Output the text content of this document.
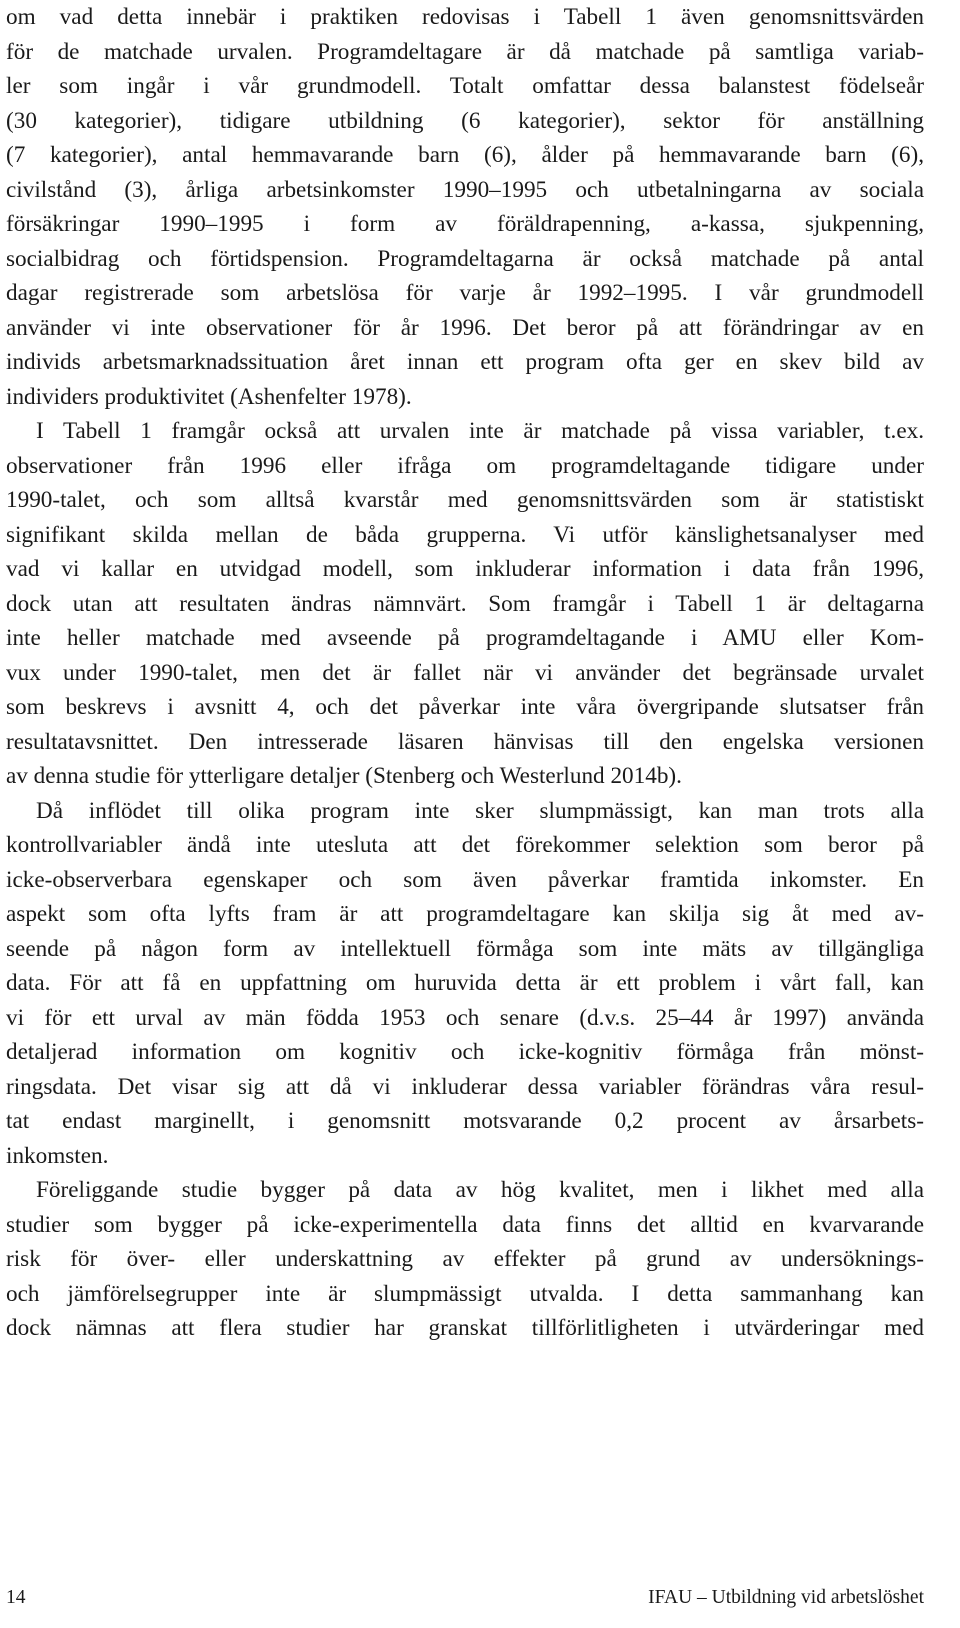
om vad detta innebär i praktiken redovisas i Tabell 1 även genomsnittsvärden
för de matchade urvalen. Programdeltagare är då matchade på samtliga variab-
ler som ingår i vår grundmodell. Totalt omfattar dessa balanstest födelseår
(30 kategorier), tidigare utbildning (6 kategorier), sektor för anställning
(7 kategorier), antal hemmavarande barn (6), ålder på hemmavarande barn (6),
civilstånd (3), årliga arbetsinkomster 1990–1995 och utbetalningarna av sociala
försäkringar 1990–1995 i form av föräldrapenning, a-kassa, sjukpenning,
socialbidrag och förtidspension. Programdeltagarna är också matchade på antal
dagar registrerade som arbetslösa för varje år 1992–1995. I vår grundmodell
använder vi inte observationer för år 1996. Det beror på att förändringar av en
individs arbetsmarknadssituation året innan ett program ofta ger en skev bild av
individers produktivitet (Ashenfelter 1978).
I Tabell 1 framgår också att urvalen inte är matchade på vissa variabler, t.ex.
observationer från 1996 eller ifråga om programdeltagande tidigare under
1990-talet, och som alltså kvarstår med genomsnittsvärden som är statistiskt
signifikant skilda mellan de båda grupperna. Vi utför känslighetsanalyser med
vad vi kallar en utvidgad modell, som inkluderar information i data från 1996,
dock utan att resultaten ändras nämnvärt. Som framgår i Tabell 1 är deltagarna
inte heller matchade med avseende på programdeltagande i AMU eller Kom-
vux under 1990-talet, men det är fallet när vi använder det begränsade urvalet
som beskrevs i avsnitt 4, och det påverkar inte våra övergripande slutsatser från
resultatavsnittet. Den intresserade läsaren hänvisas till den engelska versionen
av denna studie för ytterligare detaljer (Stenberg och Westerlund 2014b).
Då inflödet till olika program inte sker slumpmässigt, kan man trots alla
kontrollvariabler ändå inte utesluta att det förekommer selektion som beror på
icke-observerbara egenskaper och som även påverkar framtida inkomster. En
aspekt som ofta lyfts fram är att programdeltagare kan skilja sig åt med av-
seende på någon form av intellektuell förmåga som inte mäts av tillgängliga
data. För att få en uppfattning om huruvida detta är ett problem i vårt fall, kan
vi för ett urval av män födda 1953 och senare (d.v.s. 25–44 år 1997) använda
detaljerad information om kognitiv och icke-kognitiv förmåga från mönst-
ringsdata. Det visar sig att då vi inkluderar dessa variabler förändras våra resul-
tat endast marginellt, i genomsnitt motsvarande 0,2 procent av årsarbets-
inkomsten.
Föreliggande studie bygger på data av hög kvalitet, men i likhet med alla
studier som bygger på icke-experimentella data finns det alltid en kvarvarande
risk för över- eller underskattning av effekter på grund av undersöknings-
och jämförelsegrupper inte är slumpmässigt utvalda. I detta sammanhang kan
dock nämnas att flera studier har granskat tillförlitligheten i utvärderingar med
14	IFAU – Utbildning vid arbetslöshet
